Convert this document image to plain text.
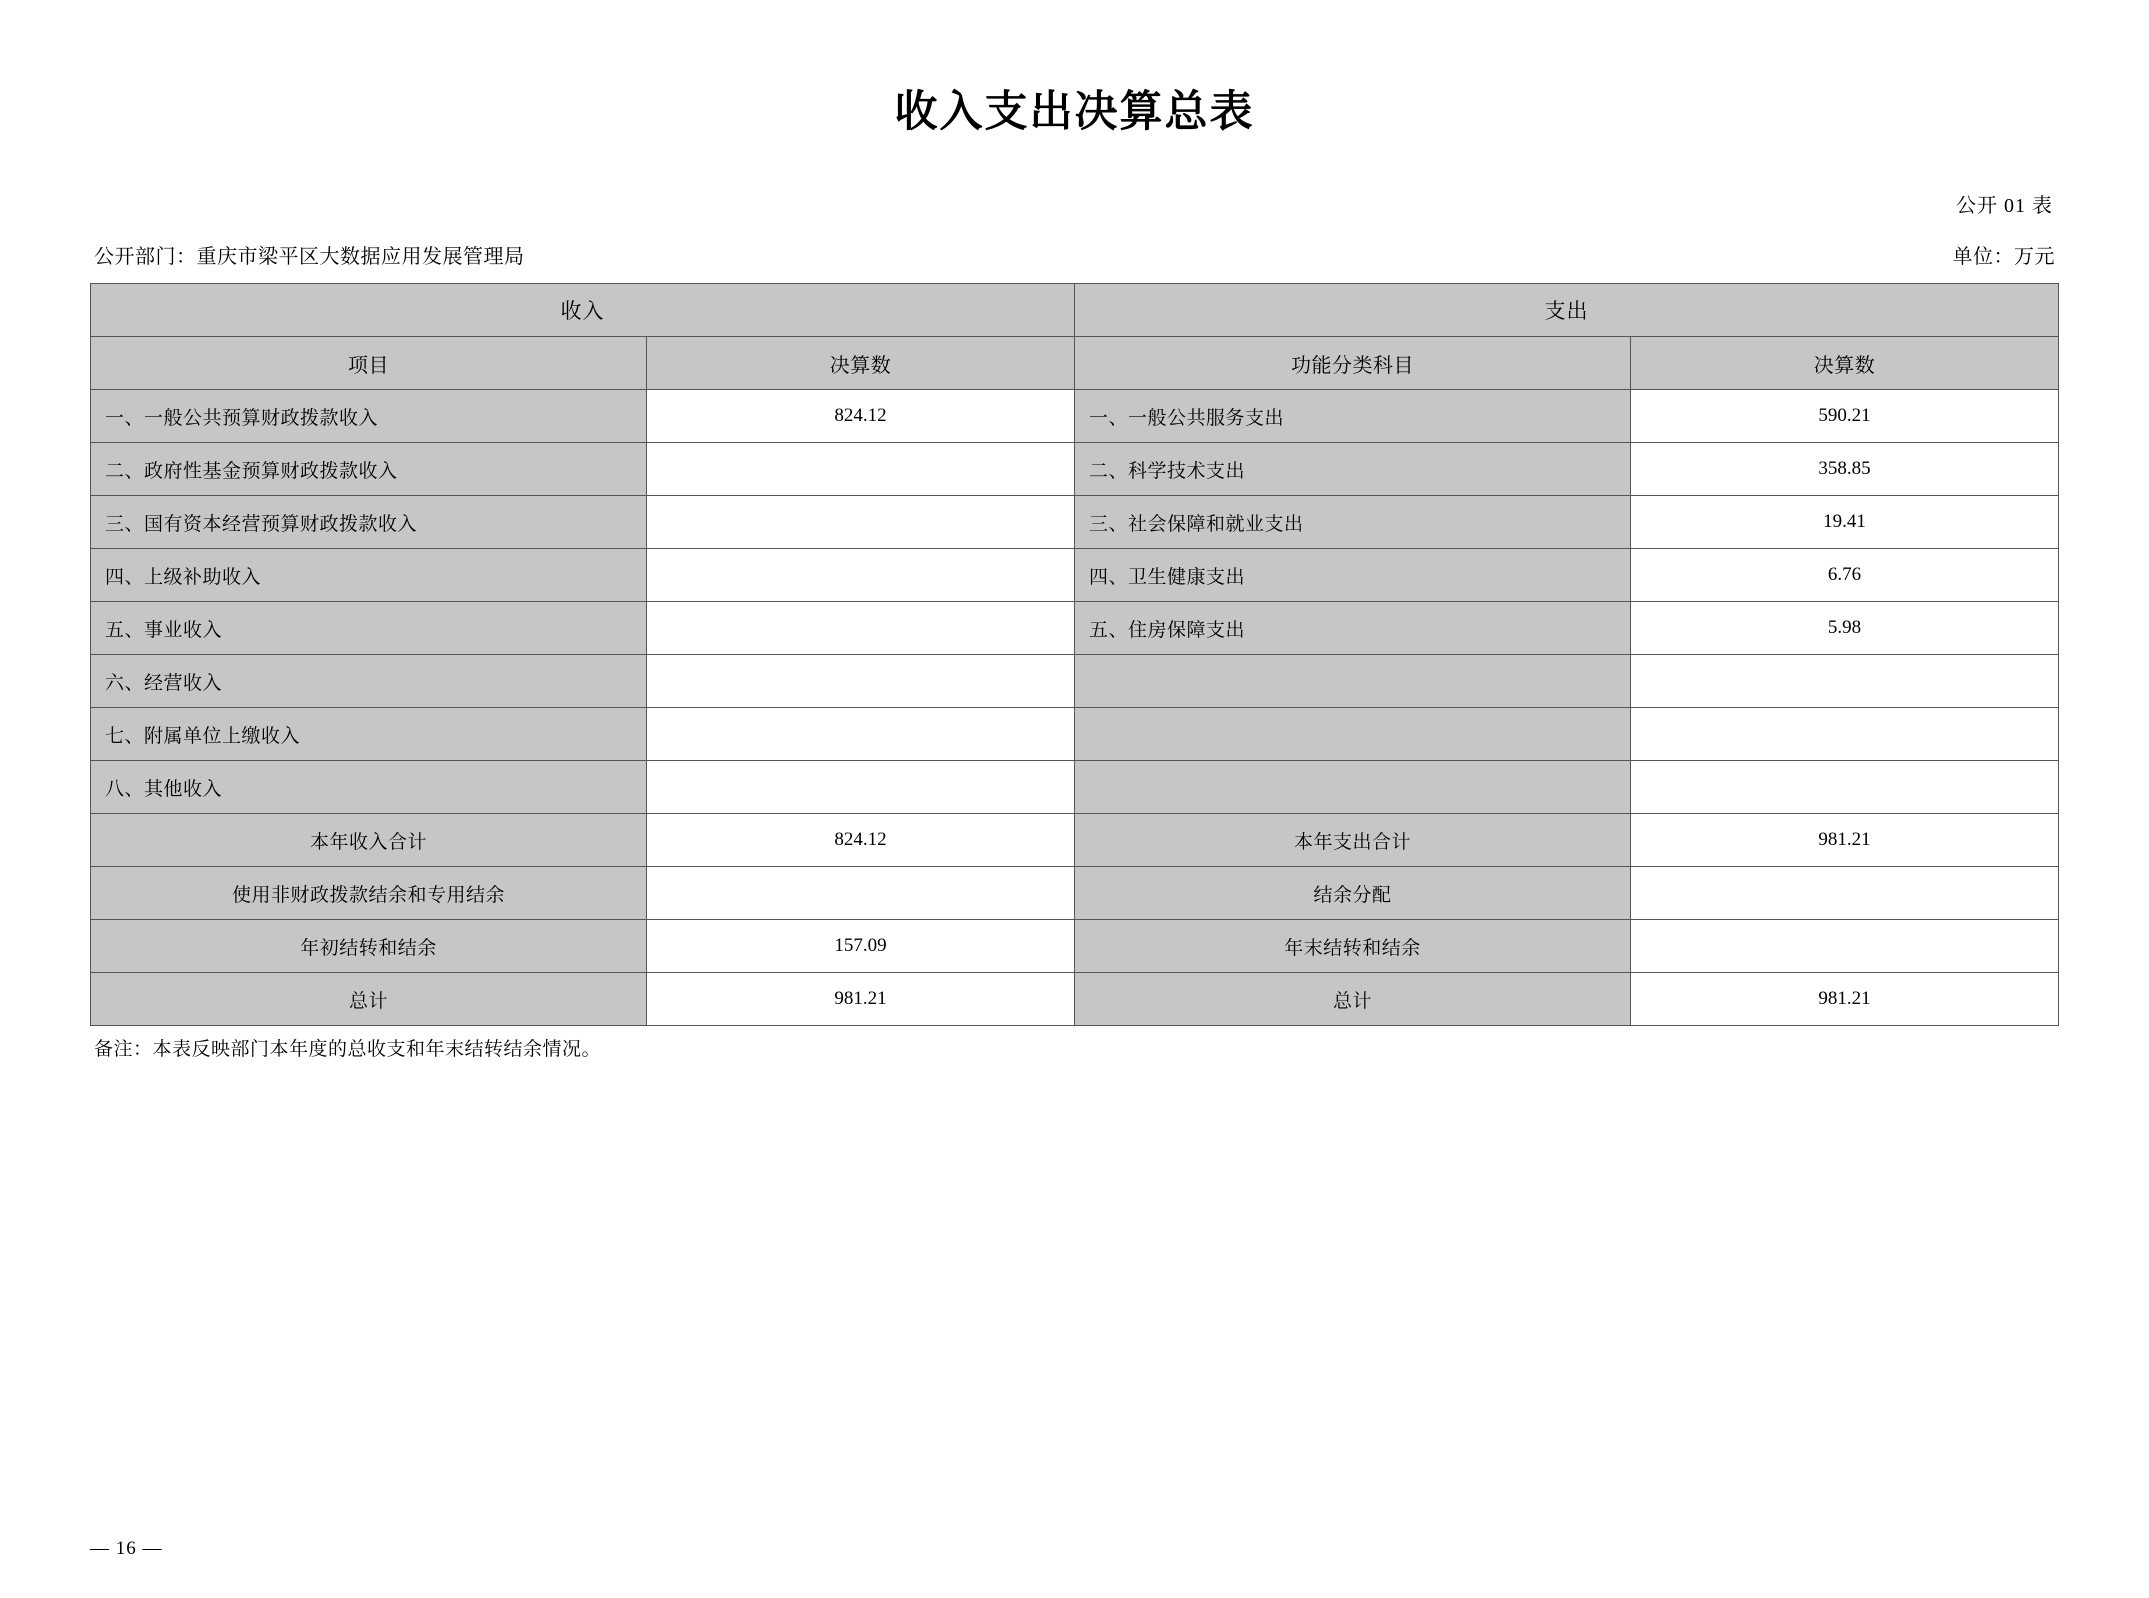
收入支出决算总表
公开 01 表
公开部门：重庆市梁平区大数据应用发展管理局	单位：万元
收入		支出	
项目	决算数	功能分类科目	决算数
一、一般公共预算财政拨款收入	824.12	一、一般公共服务支出	590.21
二、政府性基金预算财政拨款收入		二、科学技术支出	358.85
三、国有资本经营预算财政拨款收入		三、社会保障和就业支出	19.41
四、上级补助收入		四、卫生健康支出	6.76
五、事业收入		五、住房保障支出	5.98
六、经营收入			
七、附属单位上缴收入			
八、其他收入			
本年收入合计	824.12	本年支出合计	981.21
使用非财政拨款结余和专用结余		结余分配	
年初结转和结余	157.09	年末结转和结余	
总计	981.21	总计	981.21
备注：本表反映部门本年度的总收支和年末结转结余情况。
— 16 —
